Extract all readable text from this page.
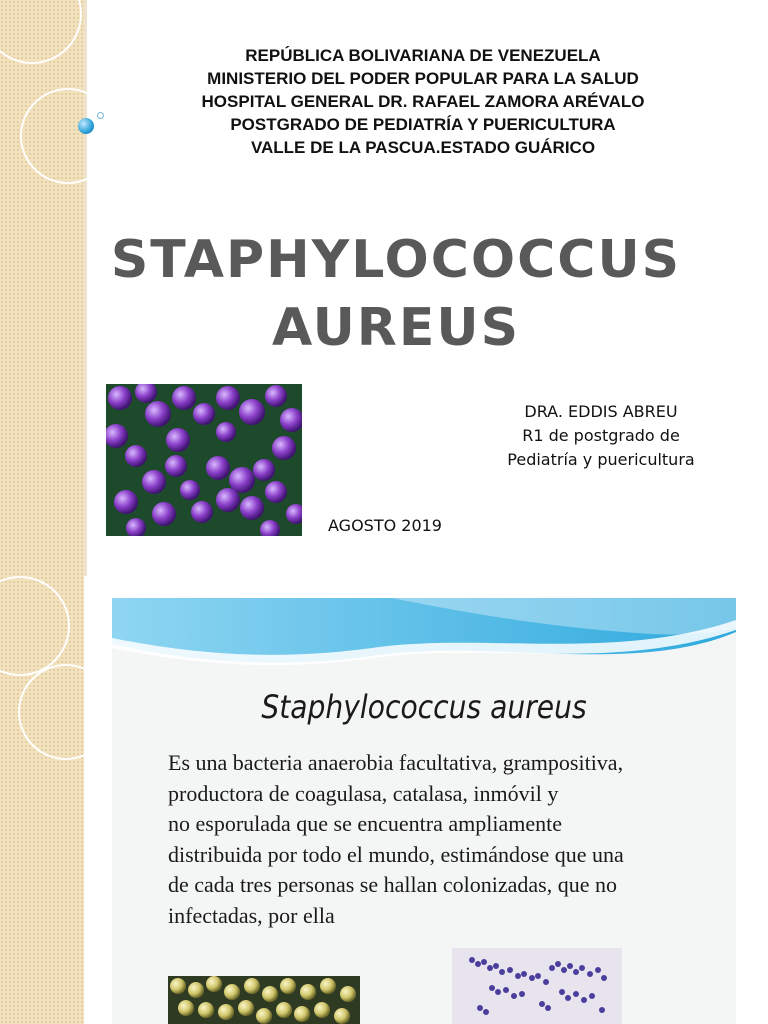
REPÚBLICA BOLIVARIANA DE VENEZUELA
MINISTERIO DEL PODER POPULAR PARA LA SALUD
HOSPITAL GENERAL DR. RAFAEL ZAMORA ARÉVALO
POSTGRADO DE PEDIATRÍA Y PUERICULTURA
VALLE DE LA PASCUA.ESTADO GUÁRICO
STAPHYLOCOCCUS
AUREUS
DRA. EDDIS ABREU
R1 de postgrado de
Pediatría y puericultura
AGOSTO 2019
Staphylococcus aureus
Es una bacteria anaerobia facultativa, grampositiva,
productora de coagulasa, catalasa, inmóvil y
no esporulada que se encuentra ampliamente
distribuida por todo el mundo, estimándose que una
de cada tres personas se hallan colonizadas, que no
infectadas, por ella
